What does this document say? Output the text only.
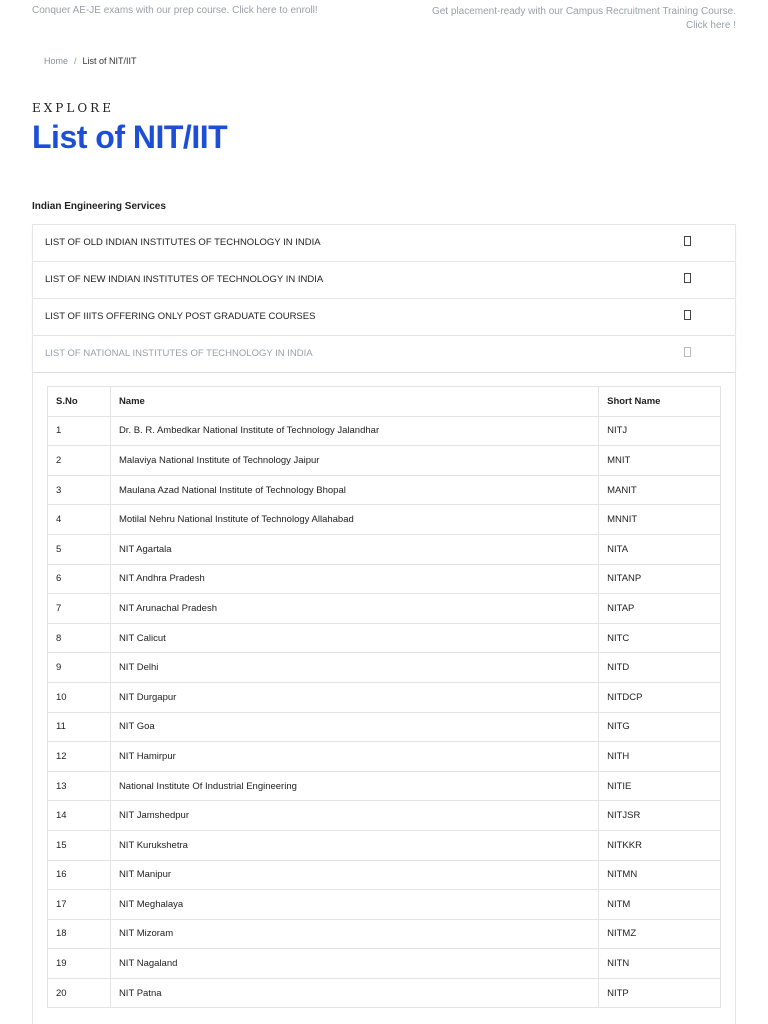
Conquer AE-JE exams with our prep course. Click here to enroll!	Get placement-ready with our Campus Recruitment Training Course. Click here !
Home / List of NIT/IIT
EXPLORE
List of NIT/IIT
Indian Engineering Services
LIST OF OLD INDIAN INSTITUTES OF TECHNOLOGY IN INDIA
LIST OF NEW INDIAN INSTITUTES OF TECHNOLOGY IN INDIA
LIST OF IIITS OFFERING ONLY POST GRADUATE COURSES
LIST OF NATIONAL INSTITUTES OF TECHNOLOGY IN INDIA
S.No	Name	Short Name
1	Dr. B. R. Ambedkar National Institute of Technology Jalandhar	NITJ
2	Malaviya National Institute of Technology Jaipur	MNIT
3	Maulana Azad National Institute of Technology Bhopal	MANIT
4	Motilal Nehru National Institute of Technology Allahabad	MNNIT
5	NIT Agartala	NITA
6	NIT Andhra Pradesh	NITANP
7	NIT Arunachal Pradesh	NITAP
8	NIT Calicut	NITC
9	NIT Delhi	NITD
10	NIT Durgapur	NITDCP
11	NIT Goa	NITG
12	NIT Hamirpur	NITH
13	National Institute Of Industrial Engineering	NITIE
14	NIT Jamshedpur	NITJSR
15	NIT Kurukshetra	NITKKR
16	NIT Manipur	NITMN
17	NIT Meghalaya	NITM
18	NIT Mizoram	NITMZ
19	NIT Nagaland	NITN
20	NIT Patna	NITP
